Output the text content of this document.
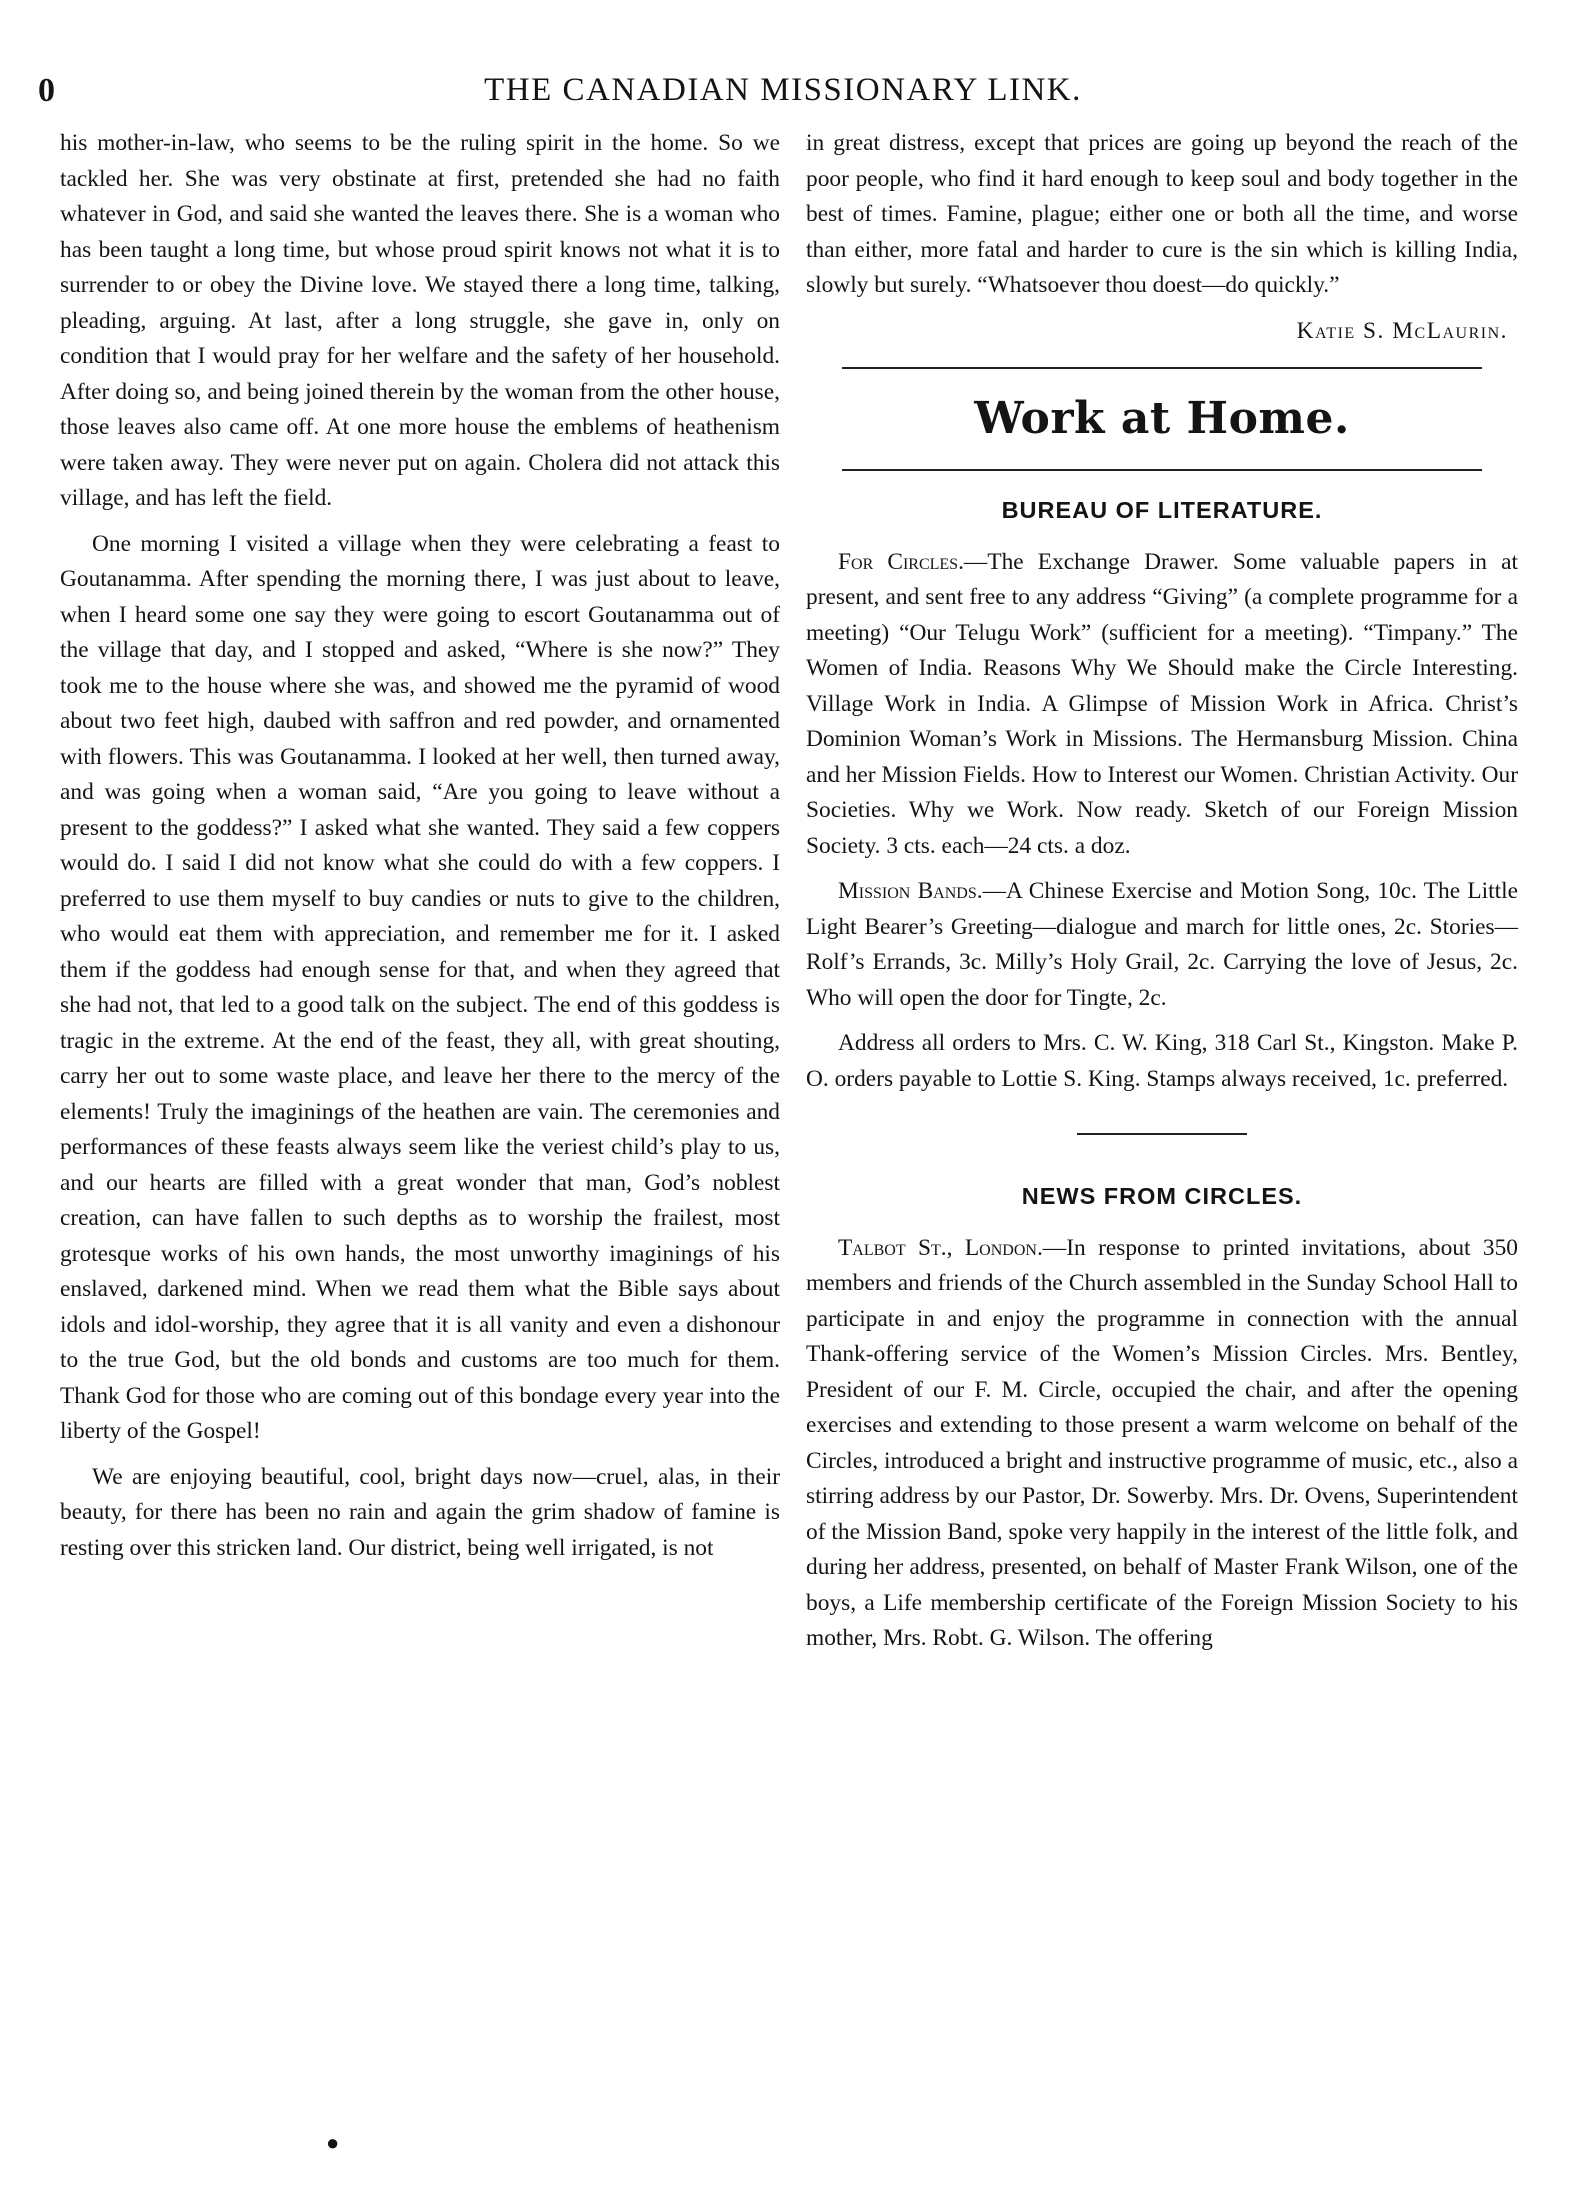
0	THE CANADIAN MISSIONARY LINK.

his mother-in-law, who seems to be the ruling spirit in the home. So we tackled her. She was very obstinate at first, pretended she had no faith whatever in God, and said she wanted the leaves there. She is a woman who has been taught a long time, but whose proud spirit knows not what it is to surrender to or obey the Divine love. We stayed there a long time, talking, pleading, arguing. At last, after a long struggle, she gave in, only on condition that I would pray for her welfare and the safety of her household. After doing so, and being joined therein by the woman from the other house, those leaves also came off. At one more house the emblems of heathenism were taken away. They were never put on again. Cholera did not attack this village, and has left the field.

One morning I visited a village when they were celebrating a feast to Goutanamma. After spending the morning there, I was just about to leave, when I heard some one say they were going to escort Goutanamma out of the village that day, and I stopped and asked, “Where is she now?” They took me to the house where she was, and showed me the pyramid of wood about two feet high, daubed with saffron and red powder, and ornamented with flowers. This was Goutanamma. I looked at her well, then turned away, and was going when a woman said, “Are you going to leave without a present to the goddess?” I asked what she wanted. They said a few coppers would do. I said I did not know what she could do with a few coppers. I preferred to use them myself to buy candies or nuts to give to the children, who would eat them with appreciation, and remember me for it. I asked them if the goddess had enough sense for that, and when they agreed that she had not, that led to a good talk on the subject. The end of this goddess is tragic in the extreme. At the end of the feast, they all, with great shouting, carry her out to some waste place, and leave her there to the mercy of the elements! Truly the imaginings of the heathen are vain. The ceremonies and performances of these feasts always seem like the veriest child’s play to us, and our hearts are filled with a great wonder that man, God’s noblest creation, can have fallen to such depths as to worship the frailest, most grotesque works of his own hands, the most unworthy imaginings of his enslaved, darkened mind. When we read them what the Bible says about idols and idol-worship, they agree that it is all vanity and even a dishonour to the true God, but the old bonds and customs are too much for them. Thank God for those who are coming out of this bondage every year into the liberty of the Gospel!

We are enjoying beautiful, cool, bright days now—cruel, alas, in their beauty, for there has been no rain and again the grim shadow of famine is resting over this stricken land. Our district, being well irrigated, is not

in great distress, except that prices are going up beyond the reach of the poor people, who find it hard enough to keep soul and body together in the best of times. Famine, plague; either one or both all the time, and worse than either, more fatal and harder to cure is the sin which is killing India, slowly but surely. “Whatsoever thou doest—do quickly.”

Katie S. McLaurin.
Work at Home.
BUREAU OF LITERATURE.

For Circles.—The Exchange Drawer. Some valuable papers in at present, and sent free to any address “Giving” (a complete programme for a meeting) “Our Telugu Work” (sufficient for a meeting). “Timpany.” The Women of India. Reasons Why We Should make the Circle Interesting. Village Work in India. A Glimpse of Mission Work in Africa. Christ’s Dominion Woman’s Work in Missions. The Hermansburg Mission. China and her Mission Fields. How to Interest our Women. Christian Activity. Our Societies. Why we Work. Now ready. Sketch of our Foreign Mission Society. 3 cts. each—24 cts. a doz.

Mission Bands.—A Chinese Exercise and Motion Song, 10c. The Little Light Bearer’s Greeting—dialogue and march for little ones, 2c. Stories—Rolf’s Errands, 3c. Milly’s Holy Grail, 2c. Carrying the love of Jesus, 2c. Who will open the door for Tingte, 2c.

Address all orders to Mrs. C. W. King, 318 Carl St., Kingston. Make P. O. orders payable to Lottie S. King. Stamps always received, 1c. preferred.

NEWS FROM CIRCLES.

Talbot St., London.—In response to printed invitations, about 350 members and friends of the Church assembled in the Sunday School Hall to participate in and enjoy the programme in connection with the annual Thank-offering service of the Women’s Mission Circles. Mrs. Bentley, President of our F. M. Circle, occupied the chair, and after the opening exercises and extending to those present a warm welcome on behalf of the Circles, introduced a bright and instructive programme of music, etc., also a stirring address by our Pastor, Dr. Sowerby. Mrs. Dr. Ovens, Superintendent of the Mission Band, spoke very happily in the interest of the little folk, and during her address, presented, on behalf of Master Frank Wilson, one of the boys, a Life membership certificate of the Foreign Mission Society to his mother, Mrs. Robt. G. Wilson. The offering

●
